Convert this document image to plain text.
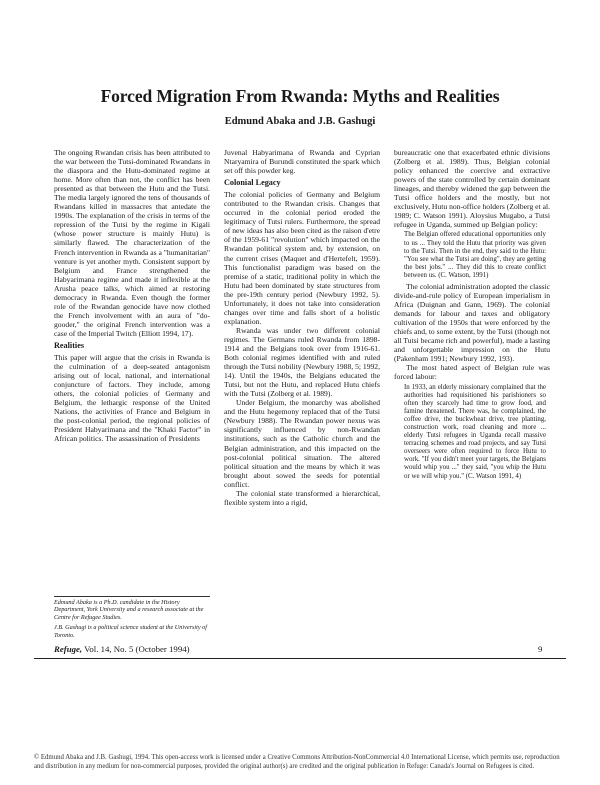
Forced Migration From Rwanda: Myths and Realities
Edmund Abaka and J.B. Gashugi

The ongoing Rwandan crisis has been attributed to the war between the Tutsi-dominated Rwandans in the diaspora and the Hutu-dominated regime at home. More often than not, the conflict has been presented as that between the Hutu and the Tutsi. The media largely ignored the tens of thousands of Rwandans killed in massacres that antedate the 1990s. The explanation of the crisis in terms of the repression of the Tutsi by the regime in Kigali (whose power structure is mainly Hutu) is similarly flawed. The characterization of the French intervention in Rwanda as a "humanitarian" venture is yet another myth. Consistent support by Belgium and France strengthened the Habyarimana regime and made it inflexible at the Arusha peace talks, which aimed at restoring democracy in Rwanda. Even though the former role of the Rwandan genocide have now clothed the French involvement with an aura of "do-gooder," the original French intervention was a case of the Imperial Twitch (Elliott 1994, 17).

Realities

This paper will argue that the crisis in Rwanda is the culmination of a deep-seated antagonism arising out of local, national, and international conjuncture of factors. They include, among others, the colonial policies of Germany and Belgium, the lethargic response of the United Nations, the activities of France and Belgium in the post-colonial period, the regional policies of President Habyarimana and the "Khaki Factor" in African politics. The assassination of Presidents

Juvenal Habyarimana of Rwanda and Cyprian Ntaryamira of Burundi constituted the spark which set off this powder keg.

Colonial Legacy

The colonial policies of Germany and Belgium contributed to the Rwandan crisis. Changes that occurred in the colonial period eroded the legitimacy of Tutsi rulers. Furthermore, the spread of new ideas has also been cited as the raison d'etre of the 1959-61 "revolution" which impacted on the Rwandan political system and, by extension, on the current crises (Maquet and d'Hertefelt, 1959). This functionalist paradigm was based on the premise of a static, traditional polity in which the Hutu had been dominated by state structures from the pre-19th century period (Newbury 1992, 5). Unfortunately, it does not take into consideration changes over time and falls short of a holistic explanation.

Rwanda was under two different colonial regimes. The Germans ruled Rwanda from 1898-1914 and the Belgians took over from 1916-61. Both colonial regimes identified with and ruled through the Tutsi nobility (Newbury 1988, 5; 1992, 14). Until the 1940s, the Belgians educated the Tutsi, but not the Hutu, and replaced Hutu chiefs with the Tutsi (Zolberg et al. 1989).

Under Belgium, the monarchy was abolished and the Hutu hegemony replaced that of the Tutsi (Newbury 1988). The Rwandan power nexus was significantly influenced by non-Rwandan institutions, such as the Catholic church and the Belgian administration, and this impacted on the post-colonial political situation. The altered political situation and the means by which it was brought about sowed the seeds for potential conflict.

The colonial state transformed a hierarchical, flexible system into a rigid,

bureaucratic one that exacerbated ethnic divisions (Zolberg et al. 1989). Thus, Belgian colonial policy enhanced the coercive and extractive powers of the state controlled by certain dominant lineages, and thereby widened the gap between the Tutsi office holders and the mostly, but not exclusively, Hutu non-office holders (Zolberg et al. 1989; C. Watson 1991). Aloysius Mugabo, a Tutsi refugee in Uganda, summed up Belgian policy:

The Belgian offered educational opportunities only to us ... They told the Hutu that priority was given to the Tutsi. Then in the end, they said to the Hutu: "You see what the Tutsi are doing", they are getting the best jobs." ... They did this to create conflict between us. (C. Watson, 1991)

The colonial administration adopted the classic divide-and-rule policy of European imperialism in Africa (Duignan and Gann, 1969). The colonial demands for labour and taxes and obligatory cultivation of the 1950s that were enforced by the chiefs and, to some extent, by the Tutsi (though not all Tutsi became rich and powerful), made a lasting and unforgettable impression on the Hutu (Pakenham 1991; Newbury 1992, 193).

The most hated aspect of Belgian rule was forced labour:

In 1933, an elderly missionary complained that the authorities had requisitioned his parishioners so often they scarcely had time to grow food, and famine threatened. There was, he complained, the coffee drive, the buckwheat drive, tree planting, construction work, road cleaning and more ... elderly Tutsi refugees in Uganda recall massive terracing schemes and road projects, and say Tutsi overseers were often required to force Hutu to work. "If you didn't meet your targets, the Belgians would whip you ..." they said, "you whip the Hutu or we will whip you." (C. Watson 1991, 4)

Edmund Abaka is a Ph.D. candidate in the History Department, York University and a research associate at the Centre for Refugee Studies.

J.B. Gashugi is a political science student at the University of Toronto.

Refuge, Vol. 14, No. 5 (October 1994)	9
© Edmund Abaka and J.B. Gashugi, 1994. This open-access work is licensed under a Creative Commons Attribution-NonCommercial 4.0 International License, which permits use, reproduction and distribution in any medium for non-commercial purposes, provided the original author(s) are credited and the original publication in Refuge: Canada's Journal on Refugees is cited.
